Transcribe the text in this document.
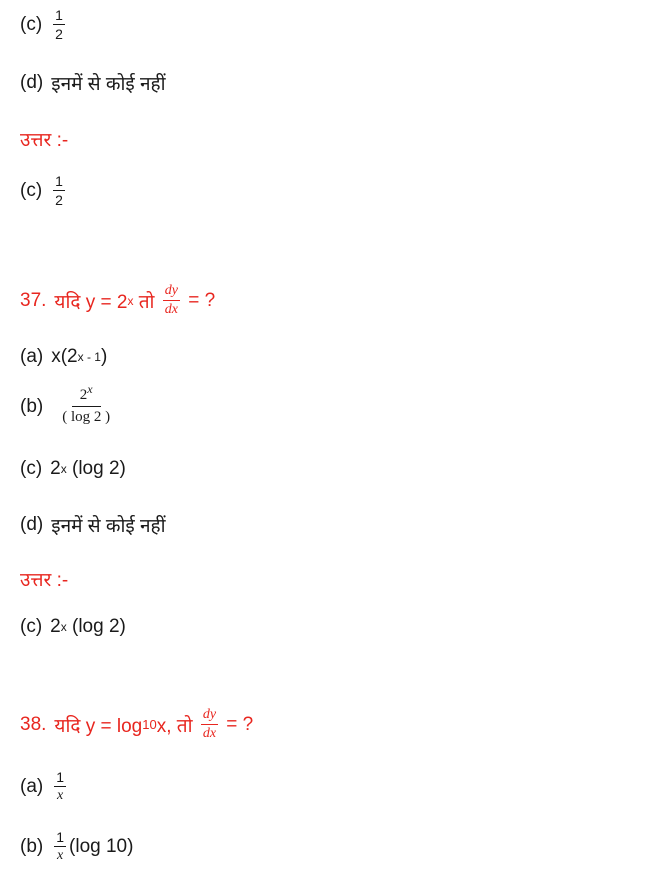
$(c) \frac{1}{2}$
(d) इनमें से कोई नहीं
उत्तर :-
$(c) \frac{1}{2}$
37. यदि y = 2 x तो $\frac{dy}{dx}$ = ?
(a) x(2 x - 1 )
$(b) \frac{2^x}{( \log 2 )}$
(c) 2 x (log 2)
(d) इनमें से कोई नहीं
उत्तर :-
(c) 2 x (log 2)
38. यदि y = log 10 x, तो $\frac{dy}{dx}$ = ?
$(a) \frac{1}{x}$
$(b) \frac{1}{x} (\log$ 10)
